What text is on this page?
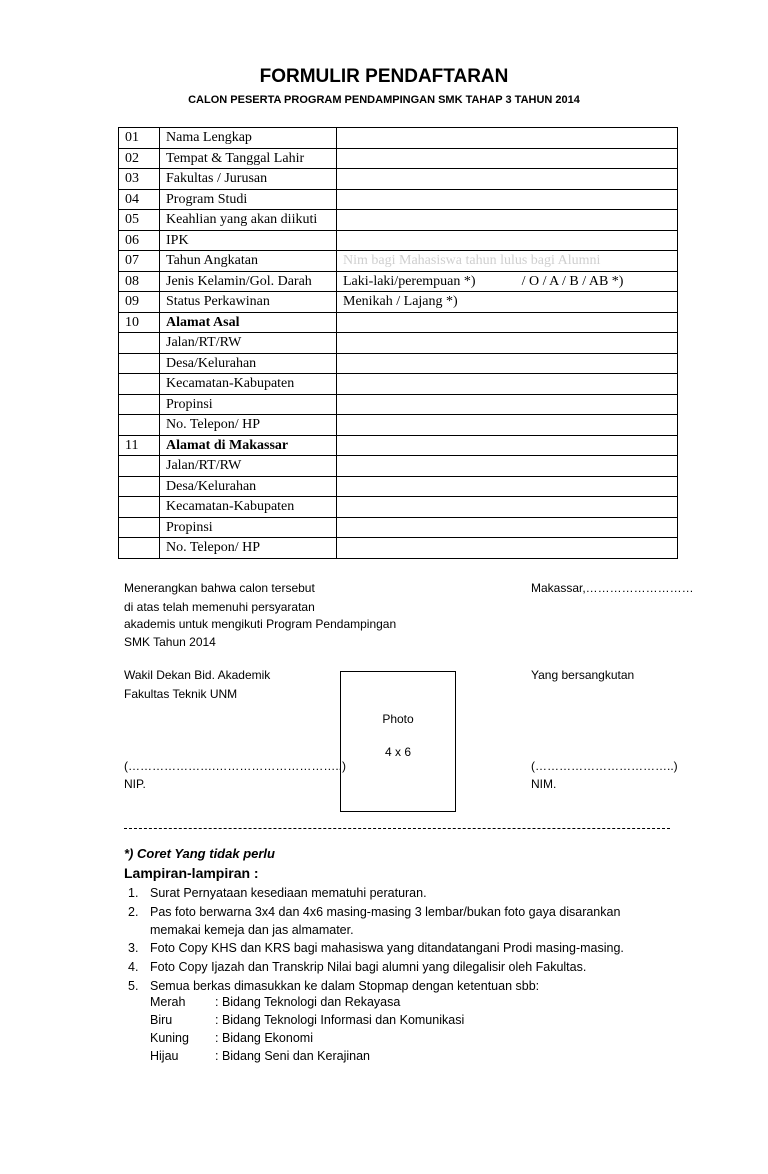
FORMULIR PENDAFTARAN
CALON PESERTA PROGRAM PENDAMPINGAN SMK TAHAP 3 TAHUN 2014
01	Nama Lengkap	
02	Tempat & Tanggal Lahir	
03	Fakultas / Jurusan	
04	Program Studi	
05	Keahlian yang akan diikuti	
06	IPK	
07	Tahun Angkatan	Nim bagi Mahasiswa tahun lulus bagi Alumni
08	Jenis Kelamin/Gol. Darah	Laki-laki/perempuan *) / O / A / B / AB *)
09	Status Perkawinan	Menikah / Lajang *)
10	Alamat Asal	
	Jalan/RT/RW	
	Desa/Kelurahan	
	Kecamatan-Kabupaten	
	Propinsi	
	No. Telepon/ HP	
11	Alamat di Makassar	
	Jalan/RT/RW	
	Desa/Kelurahan	
	Kecamatan-Kabupaten	
	Propinsi	
	No. Telepon/ HP	
Menerangkan bahwa calon tersebut
di atas telah memenuhi persyaratan
akademis untuk mengikuti Program Pendampingan
SMK Tahun 2014
Makassar,………………………
Wakil Dekan Bid. Akademik
Fakultas Teknik UNM
(………………….…………………………..)
NIP.
Yang bersangkutan
(……………………………..)
NIM.
Photo
4 x 6
*) Coret Yang tidak perlu
Lampiran-lampiran :
1. Surat Pernyataan kesediaan mematuhi peraturan.
2. Pas foto berwarna 3x4 dan 4x6 masing-masing 3 lembar/bukan foto gaya disarankan
memakai kemeja dan jas almamater.
3. Foto Copy KHS dan KRS bagi mahasiswa yang ditandatangani Prodi masing-masing.
4. Foto Copy Ijazah dan Transkrip Nilai bagi alumni yang dilegalisir oleh Fakultas.
5. Semua berkas dimasukkan ke dalam Stopmap dengan ketentuan sbb:
Merah : Bidang Teknologi dan Rekayasa
Biru	: Bidang Teknologi Informasi dan Komunikasi
Kuning : Bidang Ekonomi
Hijau	: Bidang Seni dan Kerajinan
